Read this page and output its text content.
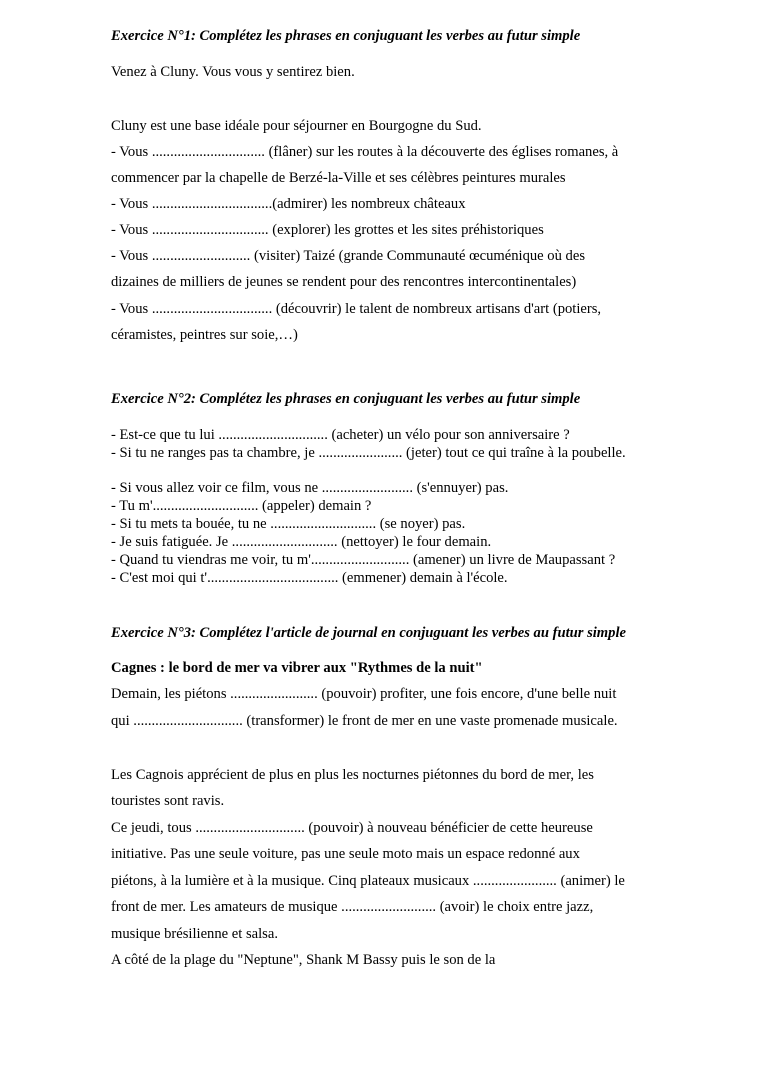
Exercice N°1: Complétez les phrases en conjuguant les verbes au futur simple

Venez à Cluny. Vous vous y sentirez bien.

Cluny est une base idéale pour séjourner en Bourgogne du Sud.

- Vous ............................... (flâner) sur les routes à la découverte des églises romanes, à

commencer par la chapelle de Berzé-la-Ville et ses célèbres peintures murales

- Vous .................................(admirer) les nombreux châteaux

- Vous ................................ (explorer) les grottes et les sites préhistoriques

- Vous ........................... (visiter) Taizé (grande Communauté œcuménique où des

dizaines de milliers de jeunes se rendent pour des rencontres intercontinentales)

- Vous ................................. (découvrir) le talent de nombreux artisans d'art (potiers,

céramistes, peintres sur soie,…)

Exercice N°2: Complétez les phrases en conjuguant les verbes au futur simple

- Est-ce que tu lui .............................. (acheter) un vélo pour son anniversaire ?

- Si tu ne ranges pas ta chambre, je ....................... (jeter) tout ce qui traîne à la poubelle.

- Si vous allez voir ce film, vous ne ......................... (s'ennuyer) pas.

- Tu m'............................. (appeler) demain ?

- Si tu mets ta bouée, tu ne ............................. (se noyer) pas.

- Je suis fatiguée. Je ............................. (nettoyer) le four demain.

- Quand tu viendras me voir, tu m'........................... (amener) un livre de Maupassant ?

- C'est moi qui t'.................................... (emmener) demain à l'école.

Exercice N°3: Complétez l'article de journal en conjuguant les verbes au futur simple

Cagnes : le bord de mer va vibrer aux "Rythmes de la nuit"

Demain, les piétons ........................ (pouvoir) profiter, une fois encore, d'une belle nuit

qui .............................. (transformer) le front de mer en une vaste promenade musicale.

Les Cagnois apprécient de plus en plus les nocturnes piétonnes du bord de mer, les

touristes sont ravis.

Ce jeudi, tous .............................. (pouvoir) à nouveau bénéficier de cette heureuse

initiative. Pas une seule voiture, pas une seule moto mais un espace redonné aux

piétons, à la lumière et à la musique. Cinq plateaux musicaux ....................... (animer) le

front de mer. Les amateurs de musique .......................... (avoir) le choix entre jazz,

musique brésilienne et salsa.

A côté de la plage du "Neptune", Shank M Bassy puis le son de la
